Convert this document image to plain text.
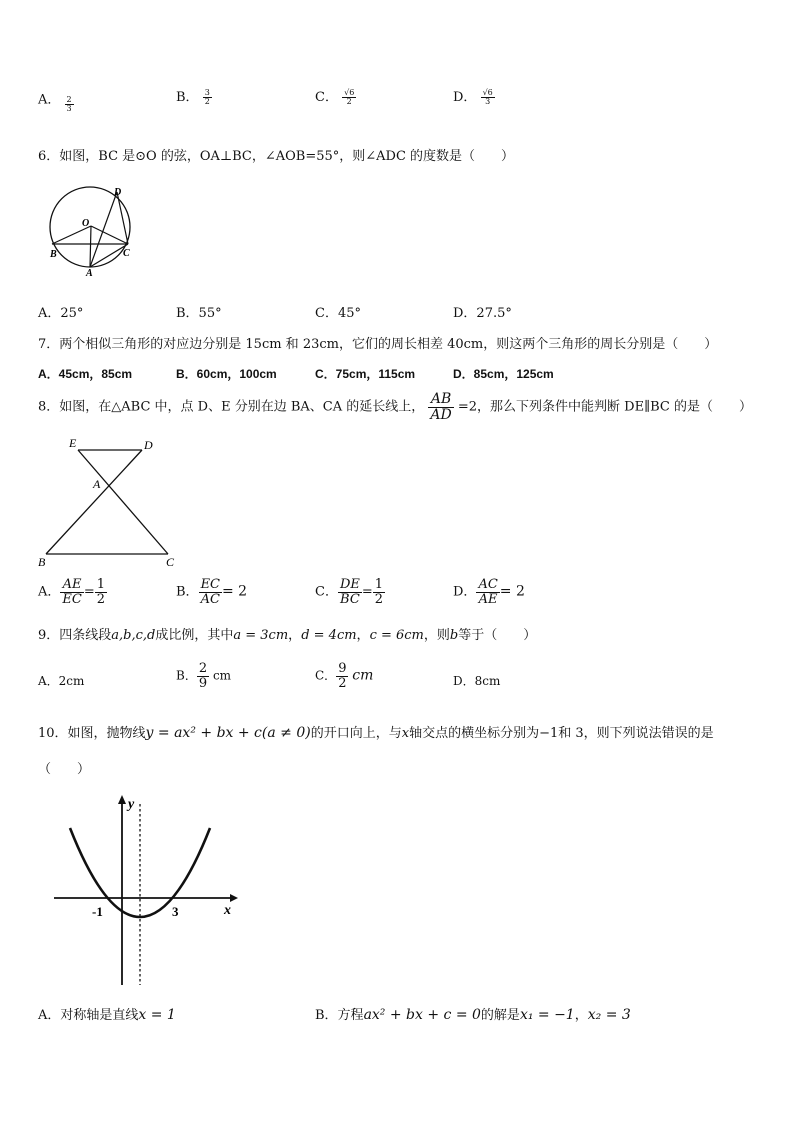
A． $\frac{2}{3}$	B． $\frac{3}{2}$	C． $\frac{√6}{2}$	D． $\frac{√6}{3}$
6．如图，BC 是⊙O 的弦，OA⊥BC，∠AOB=55°，则∠ADC 的度数是（　　）
D
O
B	C
A
A．25°	B．55°	C．45°	D．27.5°
7．两个相似三角形的对应边分别是 15cm 和 23cm，它们的周长相差 40cm，则这两个三角形的周长分别是（　　）
A．45cm，85cm	B．60cm，100cm	C．75cm，115cm	D．85cm，125cm
8．如图，在△ABC 中，点 D、E 分别在边 BA、CA 的延长线上， $\frac{AB}{AD} =2$，那么下列条件中能判断 DE∥BC 的是（　　）
E	D
A
B	C
A． $\frac{AE}{EC} = \frac{1}{2}$	B． $\frac{EC}{AC} = 2$	C． $\frac{DE}{BC} = \frac{1}{2}$	D． $\frac{AC}{AE} = 2$
9．四条线段a,b,c,d成比例，其中a = 3cm，d = 4cm，c = 6cm，则b等于（　　）
A．2cm	B． $\frac{2}{9}$ cm	C． $\frac{9}{2}$ cm	D．8cm
10．如图，抛物线y = ax² + bx + c(a ≠ 0)的开口向上，与x轴交点的横坐标分别为−1和 3，则下列说法错误的是
（　　）
y
x
-1	3
A．对称轴是直线x = 1	B．方程ax² + bx + c = 0的解是x₁ = −1，x₂ = 3
